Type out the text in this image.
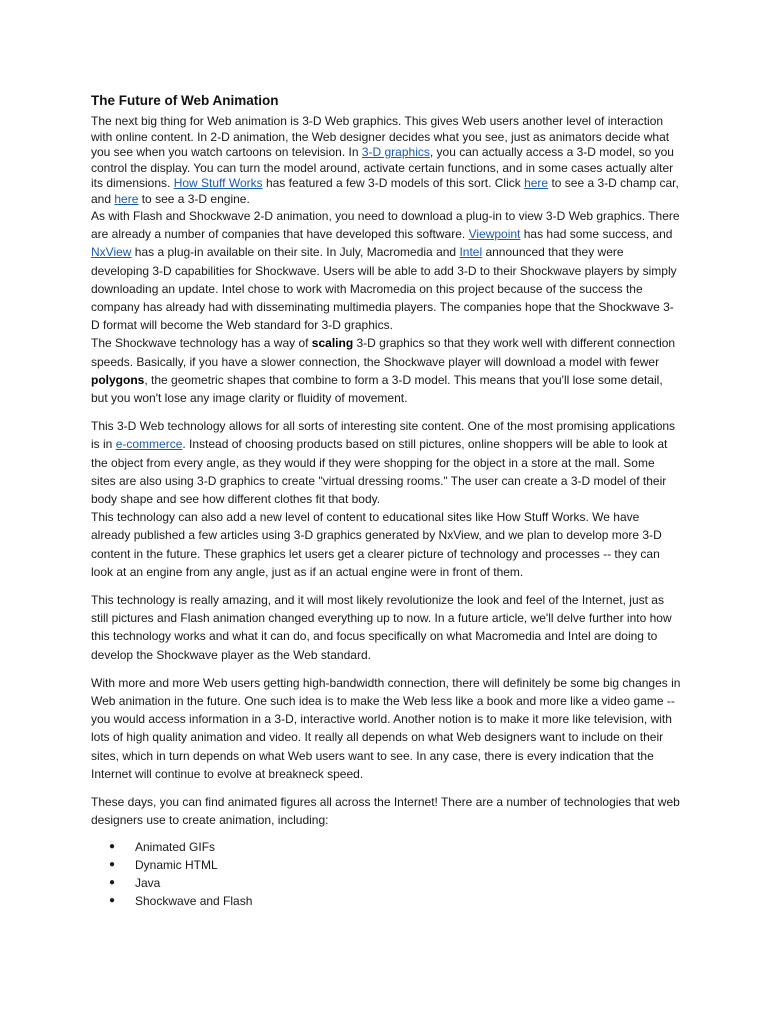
The Future of Web Animation

The next big thing for Web animation is 3-D Web graphics. This gives Web users another level of interaction with online content. In 2-D animation, the Web designer decides what you see, just as animators decide what you see when you watch cartoons on television. In 3-D graphics, you can actually access a 3-D model, so you control the display. You can turn the model around, activate certain functions, and in some cases actually alter its dimensions. How Stuff Works has featured a few 3-D models of this sort. Click here to see a 3-D champ car, and here to see a 3-D engine.

As with Flash and Shockwave 2-D animation, you need to download a plug-in to view 3-D Web graphics. There are already a number of companies that have developed this software. Viewpoint has had some success, and NxView has a plug-in available on their site. In July, Macromedia and Intel announced that they were developing 3-D capabilities for Shockwave. Users will be able to add 3-D to their Shockwave players by simply downloading an update. Intel chose to work with Macromedia on this project because of the success the company has already had with disseminating multimedia players. The companies hope that the Shockwave 3-D format will become the Web standard for 3-D graphics.

The Shockwave technology has a way of scaling 3-D graphics so that they work well with different connection speeds. Basically, if you have a slower connection, the Shockwave player will download a model with fewer polygons, the geometric shapes that combine to form a 3-D model. This means that you'll lose some detail, but you won't lose any image clarity or fluidity of movement.

This 3-D Web technology allows for all sorts of interesting site content. One of the most promising applications is in e-commerce. Instead of choosing products based on still pictures, online shoppers will be able to look at the object from every angle, as they would if they were shopping for the object in a store at the mall. Some sites are also using 3-D graphics to create "virtual dressing rooms." The user can create a 3-D model of their body shape and see how different clothes fit that body.

This technology can also add a new level of content to educational sites like How Stuff Works. We have already published a few articles using 3-D graphics generated by NxView, and we plan to develop more 3-D content in the future. These graphics let users get a clearer picture of technology and processes -- they can look at an engine from any angle, just as if an actual engine were in front of them.

This technology is really amazing, and it will most likely revolutionize the look and feel of the Internet, just as still pictures and Flash animation changed everything up to now. In a future article, we'll delve further into how this technology works and what it can do, and focus specifically on what Macromedia and Intel are doing to develop the Shockwave player as the Web standard.

With more and more Web users getting high-bandwidth connection, there will definitely be some big changes in Web animation in the future. One such idea is to make the Web less like a book and more like a video game -- you would access information in a 3-D, interactive world. Another notion is to make it more like television, with lots of high quality animation and video. It really all depends on what Web designers want to include on their sites, which in turn depends on what Web users want to see. In any case, there is every indication that the Internet will continue to evolve at breakneck speed.

These days, you can find animated figures all across the Internet! There are a number of technologies that web designers use to create animation, including:

● Animated GIFs
● Dynamic HTML
● Java
● Shockwave and Flash
